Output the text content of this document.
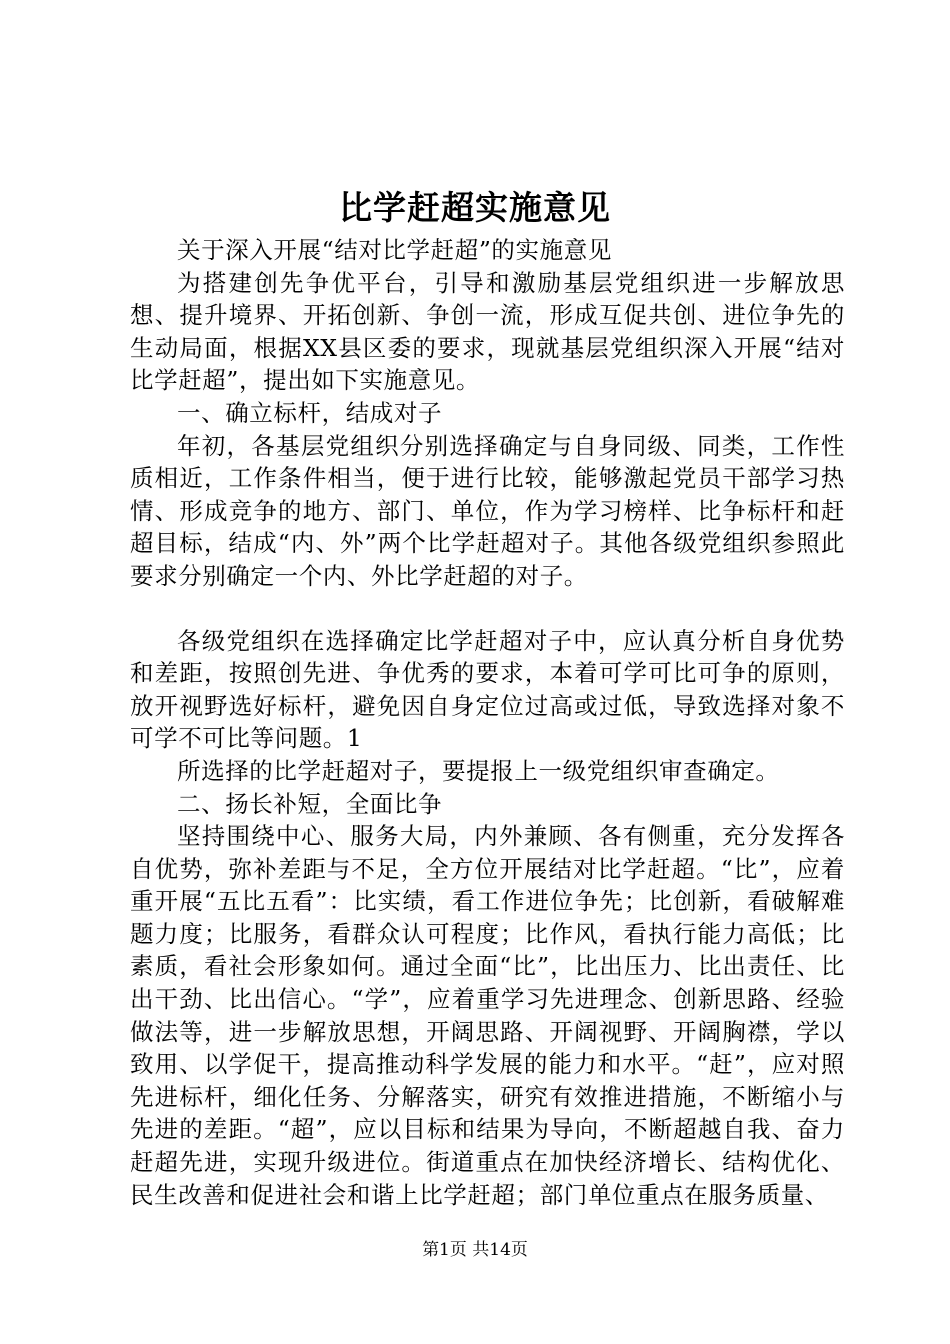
比学赶超实施意见

关于深入开展“结对比学赶超”的实施意见

为搭建创先争优平台，引导和激励基层党组织进一步解放思想、提升境界、开拓创新、争创一流，形成互促共创、进位争先的生动局面，根据XX县区委的要求，现就基层党组织深入开展“结对比学赶超”，提出如下实施意见。

一、确立标杆，结成对子

年初，各基层党组织分别选择确定与自身同级、同类，工作性质相近，工作条件相当，便于进行比较，能够激起党员干部学习热情、形成竞争的地方、部门、单位，作为学习榜样、比争标杆和赶超目标，结成“内、外”两个比学赶超对子。其他各级党组织参照此要求分别确定一个内、外比学赶超的对子。

各级党组织在选择确定比学赶超对子中，应认真分析自身优势和差距，按照创先进、争优秀的要求，本着可学可比可争的原则，放开视野选好标杆，避免因自身定位过高或过低，导致选择对象不可学不可比等问题。1

所选择的比学赶超对子，要提报上一级党组织审查确定。

二、扬长补短，全面比争

坚持围绕中心、服务大局，内外兼顾、各有侧重，充分发挥各自优势，弥补差距与不足，全方位开展结对比学赶超。“比”，应着重开展“五比五看”：比实绩，看工作进位争先；比创新，看破解难题力度；比服务，看群众认可程度；比作风，看执行能力高低；比素质，看社会形象如何。通过全面“比”，比出压力、比出责任、比出干劲、比出信心。“学”，应着重学习先进理念、创新思路、经验做法等，进一步解放思想，开阔思路、开阔视野、开阔胸襟，学以致用、以学促干，提高推动科学发展的能力和水平。“赶”，应对照先进标杆，细化任务、分解落实，研究有效推进措施，不断缩小与先进的差距。“超”，应以目标和结果为导向，不断超越自我、奋力赶超先进，实现升级进位。街道重点在加快经济增长、结构优化、民生改善和促进社会和谐上比学赶超；部门单位重点在服务质量、

第1页 共14页
